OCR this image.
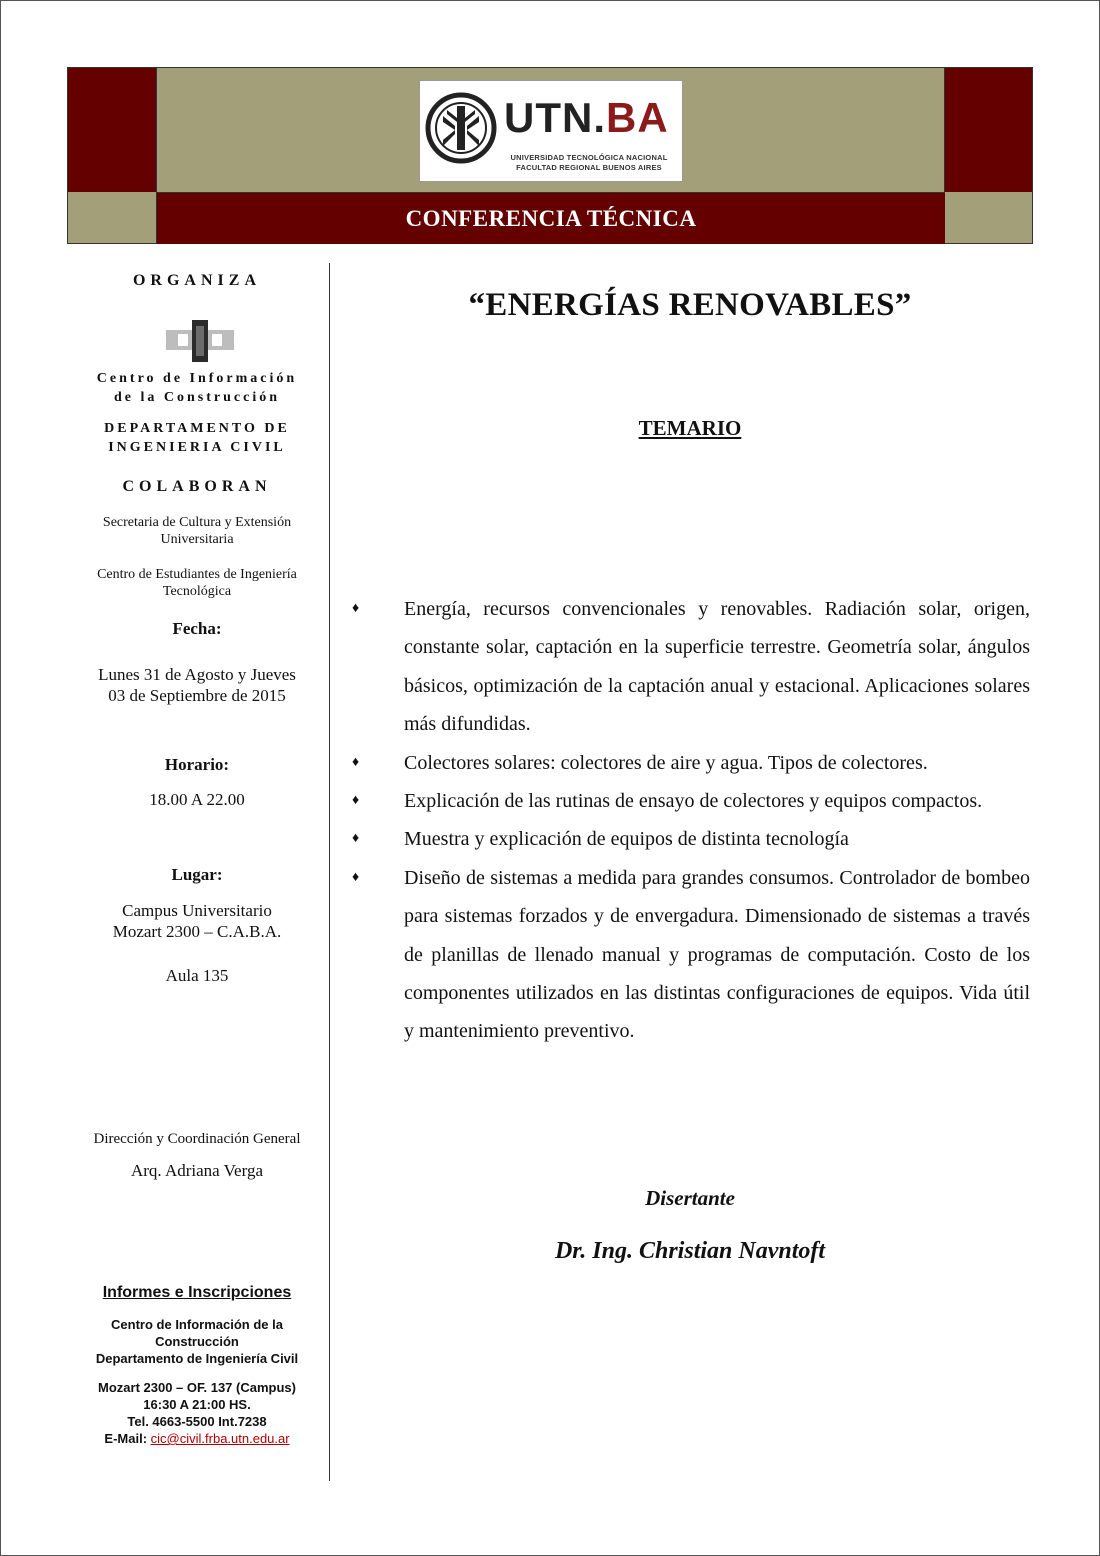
UTN.BA
UNIVERSIDAD TECNOLÓGICA NACIONAL
FACULTAD REGIONAL BUENOS AIRES
CONFERENCIA TÉCNICA
ORGANIZA
Centro de Información
de la Construcción
DEPARTAMENTO DE
INGENIERIA CIVIL
COLABORAN
Secretaria de Cultura y Extensión
Universitaria
Centro de Estudiantes de Ingeniería
Tecnológica
Fecha:
Lunes 31 de Agosto y Jueves
03 de Septiembre de 2015
Horario:
18.00 A 22.00
Lugar:
Campus Universitario
Mozart 2300 – C.A.B.A.
Aula 135
Dirección y Coordinación General
Arq. Adriana Verga
Informes e Inscripciones
Centro de Información de la
Construcción
Departamento de Ingeniería Civil
Mozart 2300 – OF. 137 (Campus)
16:30 A 21:00 HS.
Tel. 4663-5500 Int.7238
E-Mail: cic@civil.frba.utn.edu.ar
“ENERGÍAS RENOVABLES”
TEMARIO
♦ Energía, recursos convencionales y renovables. Radiación solar, origen, constante solar, captación en la superficie terrestre. Geometría solar, ángulos básicos, optimización de la captación anual y estacional. Aplicaciones solares más difundidas.
♦ Colectores solares: colectores de aire y agua. Tipos de colectores.
♦ Explicación de las rutinas de ensayo de colectores y equipos compactos.
♦ Muestra y explicación de equipos de distinta tecnología
♦ Diseño de sistemas a medida para grandes consumos. Controlador de bombeo para sistemas forzados y de envergadura. Dimensionado de sistemas a través de planillas de llenado manual y programas de computación. Costo de los componentes utilizados en las distintas configuraciones de equipos. Vida útil y mantenimiento preventivo.
Disertante
Dr. Ing. Christian Navntoft
